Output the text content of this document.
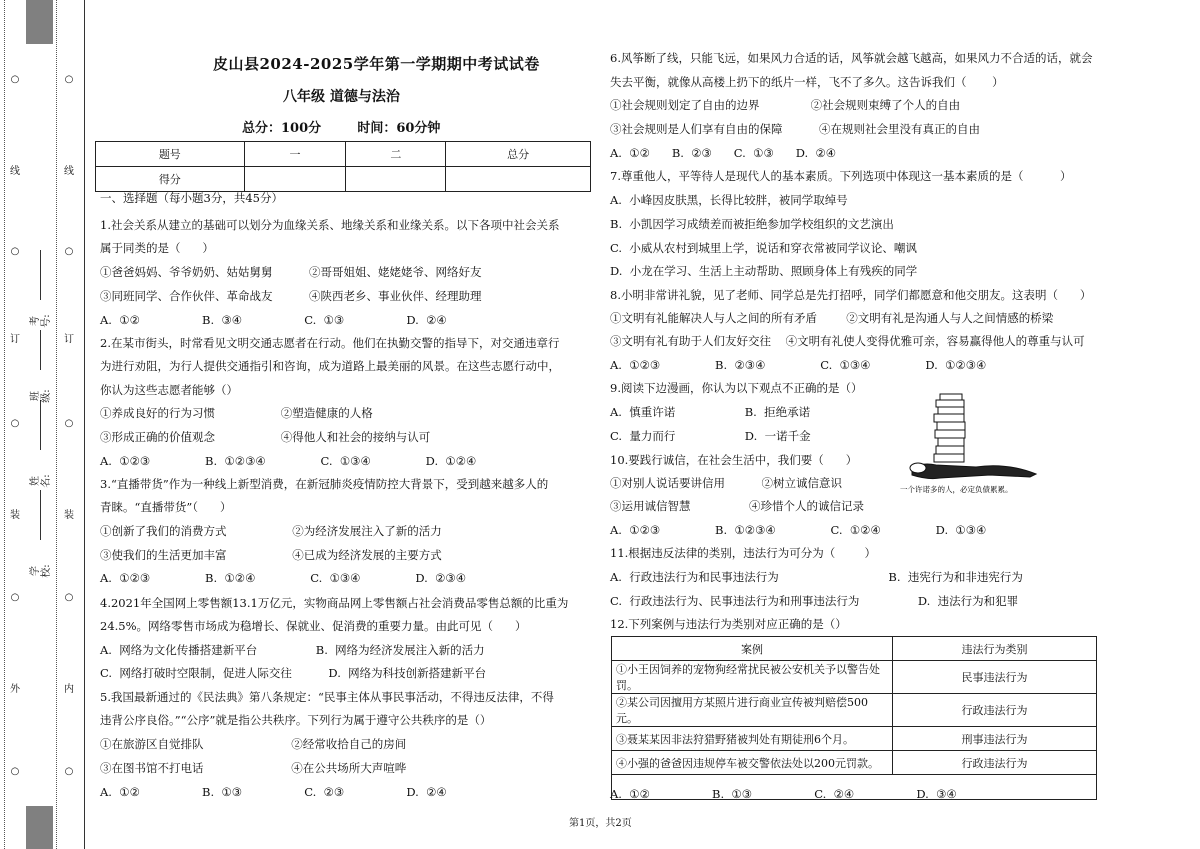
○
线
○
订
○
装
○
外
○
○
线
○
订
○
装
○
内
○
学校:
姓名:
班级:
考号:
皮山县2024-2025学年第一学期期中考试试卷
八年级 道德与法治
总分：100分        时间：60分钟
题号	一	二	总分
得分			
一、选择题（每小题3分，共45分）
1.社会关系从建立的基础可以划分为血缘关系、地缘关系和业缘关系。以下各项中社会关系
属于同类的是（      ）
①爸爸妈妈、爷爷奶奶、姑姑舅舅          ②哥哥姐姐、姥姥姥爷、网络好友
③同班同学、合作伙伴、革命战友          ④陕西老乡、事业伙伴、经理助理
A.  ①②                 B.  ③④                 C.  ①③                 D.  ②④
2.在某市街头，时常看见文明交通志愿者在行动。他们在执勤交警的指导下，对交通违章行
为进行劝阻，为行人提供交通指引和咨询，成为道路上最美丽的风景。在这些志愿行动中，
你认为这些志愿者能够（）
①养成良好的行为习惯                  ②塑造健康的人格
③形成正确的价值观念                  ④得他人和社会的接纳与认可
A.  ①②③               B.  ①②③④               C.  ①③④               D.  ①②④
3.“直播带货”作为一种线上新型消费，在新冠肺炎疫情防控大背景下，受到越来越多人的
青睐。“直播带货”（      ）
①创新了我们的消费方式                  ②为经济发展注入了新的活力
③使我们的生活更加丰富                  ④已成为经济发展的主要方式
A.  ①②③               B.  ①②④               C.  ①③④               D.  ②③④
4.2021年全国网上零售额13.1万亿元，实物商品网上零售额占社会消费品零售总额的比重为
24.5%。网络零售市场成为稳增长、保就业、促消费的重要力量。由此可见（      ）
A.  网络为文化传播搭建新平台                B.  网络为经济发展注入新的活力
C.  网络打破时空限制，促进人际交往          D.  网络为科技创新搭建新平台
5.我国最新通过的《民法典》第八条规定：“民事主体从事民事活动，不得违反法律，不得
违背公序良俗。”“公序”就是指公共秩序。下列行为属于遵守公共秩序的是（）
①在旅游区自觉排队                        ②经常收拾自己的房间
③在图书馆不打电话                        ④在公共场所大声喧哗
A.  ①②                 B.  ①③                 C.  ②③                 D.  ②④
6.风筝断了线，只能飞远，如果风力合适的话，风筝就会越飞越高，如果风力不合适的话，就会
失去平衡，就像从高楼上扔下的纸片一样，飞不了多久。这告诉我们（       ）
①社会规则划定了自由的边界              ②社会规则束缚了个人的自由
③社会规则是人们享有自由的保障          ④在规则社会里没有真正的自由
A.  ①②      B.  ②③      C.  ①③      D.  ②④
7.尊重他人，平等待人是现代人的基本素质。下列选项中体现这一基本素质的是（          ）
A.  小峰因皮肤黑，长得比较胖，被同学取绰号
B.  小凯因学习成绩差而被拒绝参加学校组织的文艺演出
C.  小威从农村到城里上学，说话和穿衣常被同学议论、嘲讽
D.  小龙在学习、生活上主动帮助、照顾身体上有残疾的同学
8.小明非常讲礼貌，见了老师、同学总是先打招呼，同学们都愿意和他交朋友。这表明（      ）
①文明有礼能解决人与人之间的所有矛盾        ②文明有礼是沟通人与人之间情感的桥梁
③文明有礼有助于人们友好交往    ④文明有礼使人变得优雅可亲，容易赢得他人的尊重与认可
A.  ①②③               B.  ②③④               C.  ①③④               D.  ①②③④
9.阅读下边漫画，你认为以下观点不正确的是（）
A.  慎重许诺                   B.  拒绝承诺
C.  量力而行                   D.  一诺千金
10.要践行诚信，在社会生活中，我们要（      ）
①对别人说话要讲信用          ②树立诚信意识
③运用诚信智慧                ④珍惜个人的诚信记录
A.  ①②③               B.  ①②③④               C.  ①②④               D.  ①③④
11.根据违反法律的类别，违法行为可分为（        ）
A.  行政违法行为和民事违法行为                              B.  违宪行为和非违宪行为
C.  行政违法行为、民事违法行为和刑事违法行为                D.  违法行为和犯罪
12.下列案例与违法行为类别对应正确的是（）
一个许诺多的人，必定负债累累。
案例	违法行为类别
①小王因饲养的宠物狗经常扰民被公安机关予以警告处罚。	民事违法行为
②某公司因擅用方某照片进行商业宣传被判赔偿500元。	行政违法行为
③聂某某因非法狩猎野猪被判处有期徒刑6个月。	刑事违法行为
④小强的爸爸因违规停车被交警依法处以200元罚款。	行政违法行为

A.  ①②                 B.  ①③                 C.  ②④                 D.  ③④
第1页，共2页
